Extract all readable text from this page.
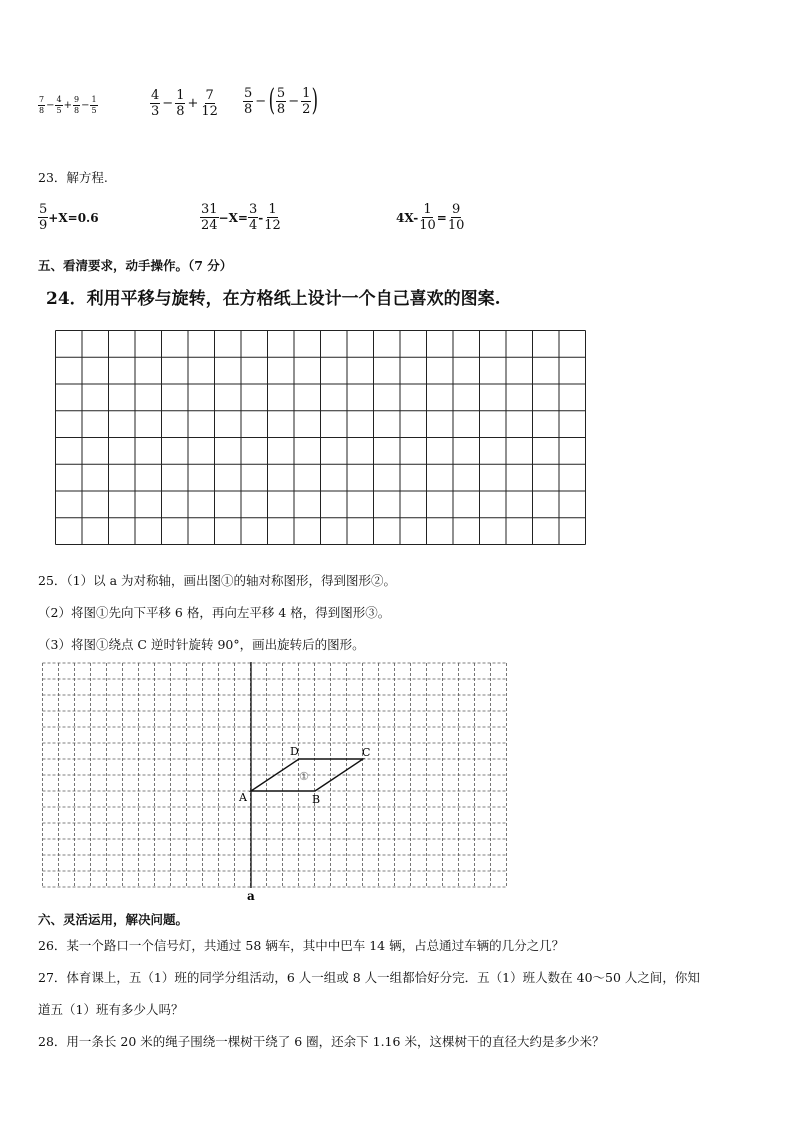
$\frac{7}{8} - \frac{4}{5} + \frac{9}{8} - \frac{1}{5}$	$\frac{4}{3} - \frac{1}{8} + \frac{7}{12} \frac{5}{8}$ − ( $\frac{5}{8} - \frac{1}{2}$ )
23．解方程.
$\frac{5}{9} +X=0.6$	$\frac{31}{24} -X= \frac{3}{4} - \frac{1}{12}$	$4X- \frac{1}{10} = \frac{9}{10}$
五、看清要求，动手操作。（7 分）
24．利用平移与旋转，在方格纸上设计一个自己喜欢的图案.
25．（1）以 a 为对称轴，画出图①的轴对称图形，得到图形②。
（2）将图①先向下平移 6 格，再向左平移 4 格，得到图形③。
（3）将图①绕点 C 逆时针旋转 90°，画出旋转后的图形。
A	B
C
D
①
a
六、灵活运用，解决问题。
26．某一个路口一个信号灯，共通过 58 辆车，其中中巴车 14 辆，占总通过车辆的几分之几？
27．体育课上，五（1）班的同学分组活动，6 人一组或 8 人一组都恰好分完．五（1）班人数在 40～50 人之间，你知
道五（1）班有多少人吗？
28．用一条长 20 米的绳子围绕一棵树干绕了 6 圈，还余下 1.16 米，这棵树干的直径大约是多少米？
